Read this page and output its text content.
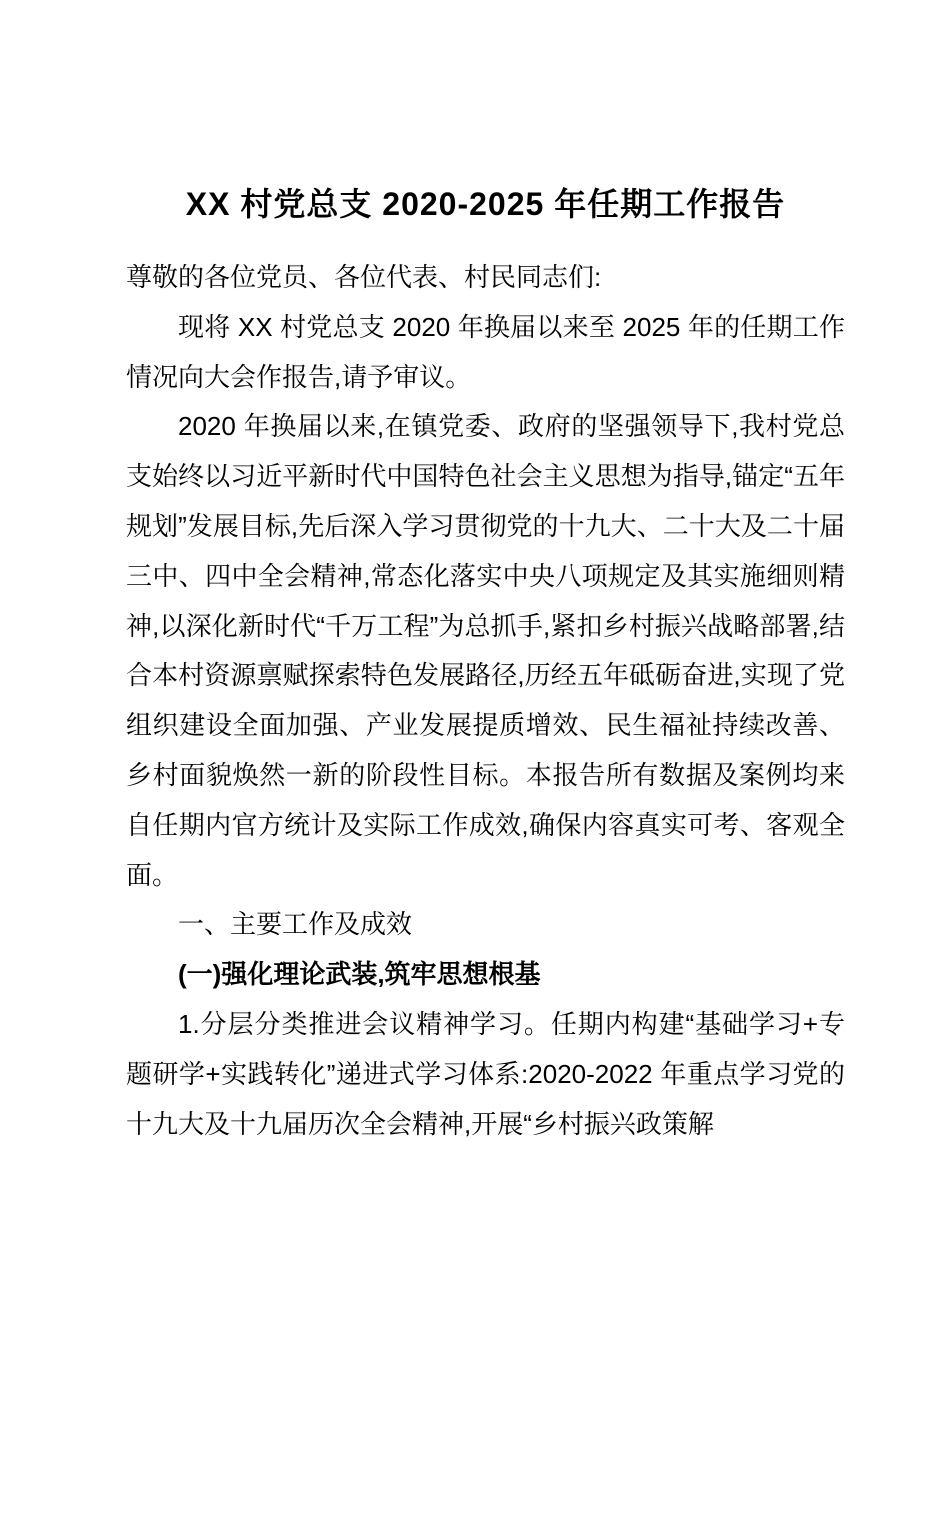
XX 村党总支 2020-2025 年任期工作报告

尊敬的各位党员、各位代表、村民同志们:

现将 XX 村党总支 2020 年换届以来至 2025 年的任期工作情况向大会作报告,请予审议。

2020 年换届以来,在镇党委、政府的坚强领导下,我村党总支始终以习近平新时代中国特色社会主义思想为指导,锚定“五年规划”发展目标,先后深入学习贯彻党的十九大、二十大及二十届三中、四中全会精神,常态化落实中央八项规定及其实施细则精神,以深化新时代“千万工程”为总抓手,紧扣乡村振兴战略部署,结合本村资源禀赋探索特色发展路径,历经五年砥砺奋进,实现了党组织建设全面加强、产业发展提质增效、民生福祉持续改善、乡村面貌焕然一新的阶段性目标。本报告所有数据及案例均来自任期内官方统计及实际工作成效,确保内容真实可考、客观全面。

一、主要工作及成效

(一)强化理论武装,筑牢思想根基

1.分层分类推进会议精神学习。任期内构建“基础学习+专题研学+实践转化”递进式学习体系:2020-2022 年重点学习党的十九大及十九届历次全会精神,开展“乡村振兴政策解
